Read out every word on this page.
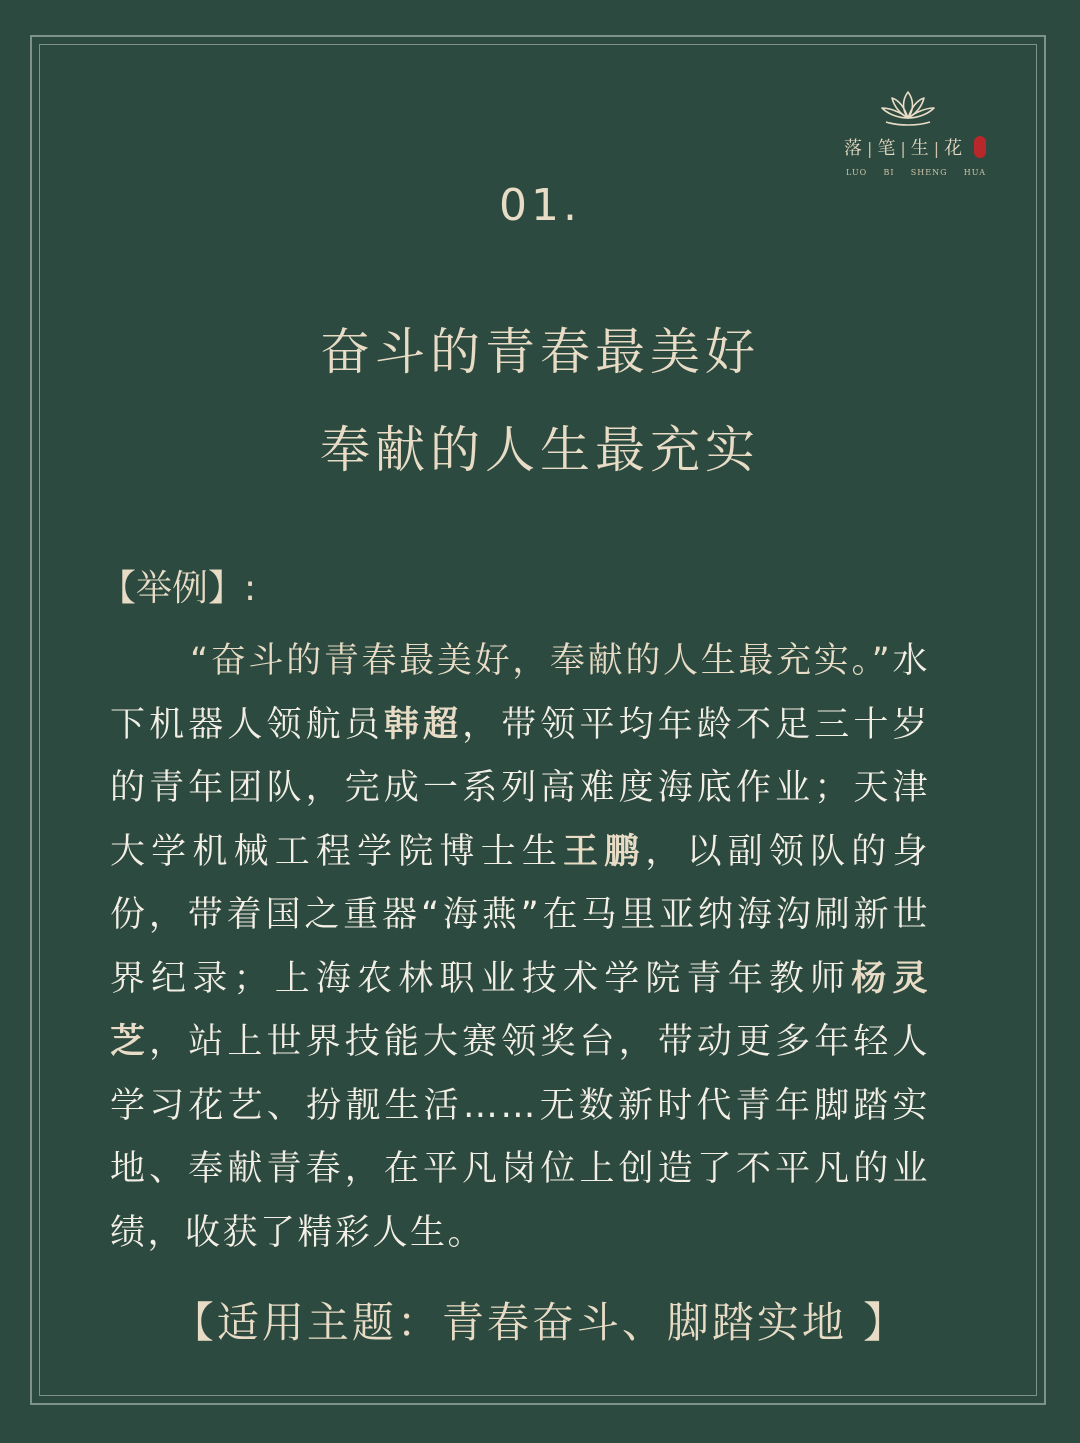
落 | 笔 | 生 | 花
LUO BI SHENG HUA
01.
奋斗的青春最美好
奉献的人生最充实
【举例】:
“奋斗的青春最美好，奉献的人生最充实。”水下机器人领航员韩超，带领平均年龄不足三十岁的青年团队，完成一系列高难度海底作业；天津大学机械工程学院博士生王鹏，以副领队的身份，带着国之重器“海燕”在马里亚纳海沟刷新世界纪录；上海农林职业技术学院青年教师杨灵芝，站上世界技能大赛领奖台，带动更多年轻人学习花艺、扮靓生活……无数新时代青年脚踏实地、奉献青春，在平凡岗位上创造了不平凡的业绩，收获了精彩人生。
【适用主题：青春奋斗、脚踏实地 】
